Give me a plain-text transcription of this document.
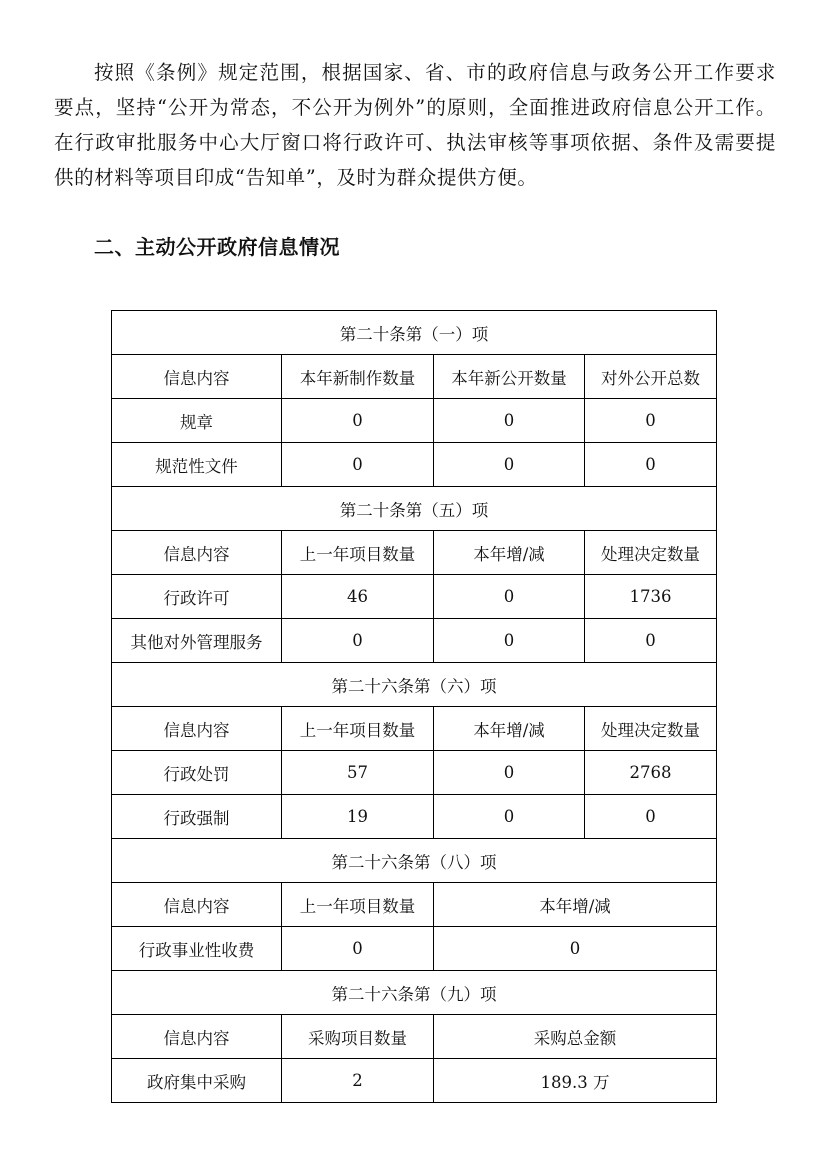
按照《条例》规定范围，根据国家、省、市的政府信息与政务公开工作要求要点，坚持“公开为常态，不公开为例外”的原则，全面推进政府信息公开工作。在行政审批服务中心大厅窗口将行政许可、执法审核等事项依据、条件及需要提供的材料等项目印成“告知单”，及时为群众提供方便。

二、主动公开政府信息情况
第二十条第（一）项			
信息内容	本年新制作数量	本年新公开数量	对外公开总数
规章	0	0	0
规范性文件	0	0	0
第二十条第（五）项			
信息内容	上一年项目数量	本年增/减	处理决定数量
行政许可	46	0	1736
其他对外管理服务	0	0	0
第二十六条第（六）项			
信息内容	上一年项目数量	本年增/减	处理决定数量
行政处罚	57	0	2768
行政强制	19	0	0
第二十六条第（八）项			
信息内容	上一年项目数量	本年增/减	
行政事业性收费	0	0	
第二十六条第（九）项			
信息内容	采购项目数量	采购总金额	
政府集中采购	2	189.3 万	
